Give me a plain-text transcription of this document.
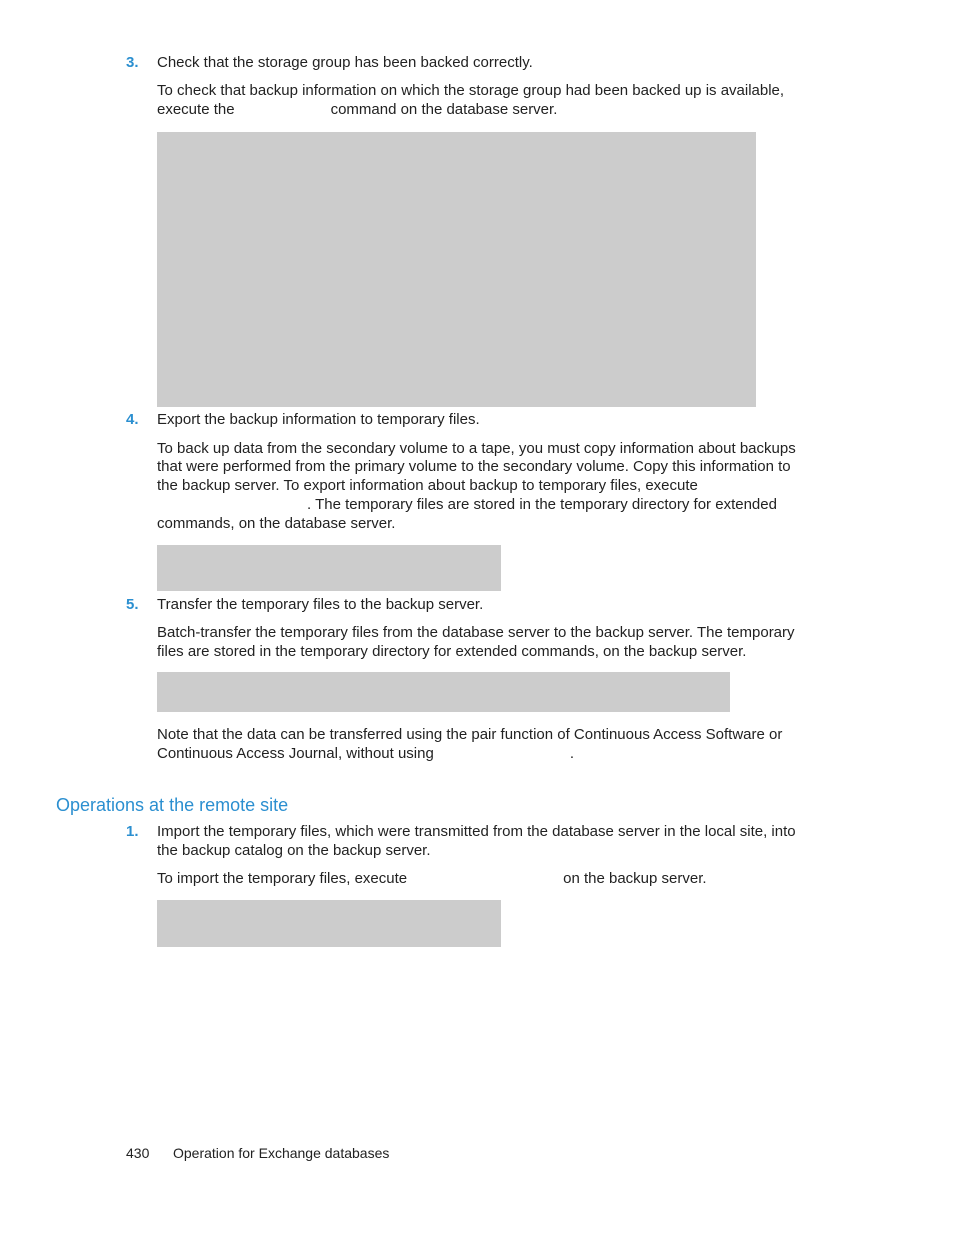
3. Check that the storage group has been backed correctly.
To check that backup information on which the storage group had been backed up is available,
execute the	command on the database server.
4. Export the backup information to temporary files.
To back up data from the secondary volume to a tape, you must copy information about backups
that were performed from the primary volume to the secondary volume. Copy this information to
the backup server. To export information about backup to temporary files, execute
. The temporary files are stored in the temporary directory for extended
commands, on the database server.
5. Transfer the temporary files to the backup server.
Batch-transfer the temporary files from the database server to the backup server. The temporary
files are stored in the temporary directory for extended commands, on the backup server.
Note that the data can be transferred using the pair function of Continuous Access Software or
Continuous Access Journal, without using	.
Operations at the remote site
1. Import the temporary files, which were transmitted from the database server in the local site, into
the backup catalog on the backup server.
To import the temporary files, execute	on the backup server.
430 Operation for Exchange databases
